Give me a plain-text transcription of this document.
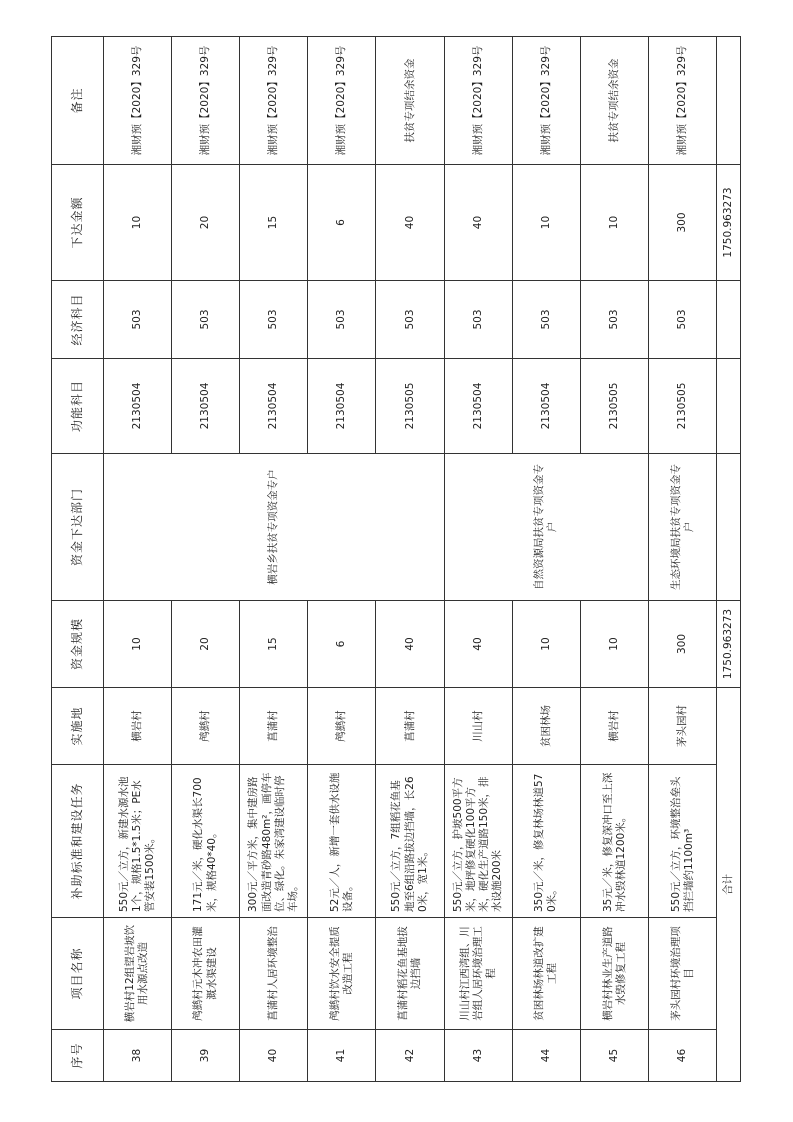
序号	项目名称	补助标准和建设任务	实施地	资金规模	资金下达部门	功能科目	经济科目	下达金额	备注
38	横岩村12组望岩坡饮用水源点改造	550元／立方，新建水源水池1个，规格1.5*1.5米；PE水管安装1500米。	横岩村	10	横岩乡扶贫专项资金专户	2130504	503	10	湘财预【2020】329号
39	鸬鹚村元木冲农田灌溉水渠建设	171元／米，硬化水渠长700米，规格40*40。	鸬鹚村	20		2130504	503	20	湘财预【2020】329号
40	菖蒲村人居环境整治	300元／平方米，集中建房路面改造青砂路480m²，画停车位、绿化。朱家湾建设临时停车场。	菖蒲村	15		2130504	503	15	湘财预【2020】329号
41	鸬鹚村饮水安全提质改造工程	52元／人，新增一套供水设施设备。	鸬鹚村	6		2130504	503	6	湘财预【2020】329号
42	菖蒲村稻花鱼基地拔边挡墙	550元／立方，7组稻花鱼基地至6组沿路拔边挡墙，长260米，宽1米。	菖蒲村	40		2130505	503	40	扶贫专项结余资金
43	川山村江西湾组、川岩组人居环境治理工程	550元／立方，护坡500平方米，地坪修复硬化100平方米，硬化生产道路150米，排水设施200米	川山村	40	自然资源局扶贫专项资金专户	2130504	503	40	湘财预【2020】329号
44	贫困林场林道改扩建工程	350元／米，修复林场林道570米。	贫困林场	10		2130504	503	10	湘财预【2020】329号
45	横岩村林业生产道路水毁修复工程	35元／米，修复深冲口至上深冲水毁林道1200米。	横岩村	10		2130505	503	10	扶贫专项结余资金
46	茅头园村环境治理项目	550元／立方，环境整治垒头挡拦墙约1100m³	茅头园村	300	生态环境局扶贫专项资金专户	2130505	503	300	湘财预【2020】329号
合计				1750.963273				1750.963273	
